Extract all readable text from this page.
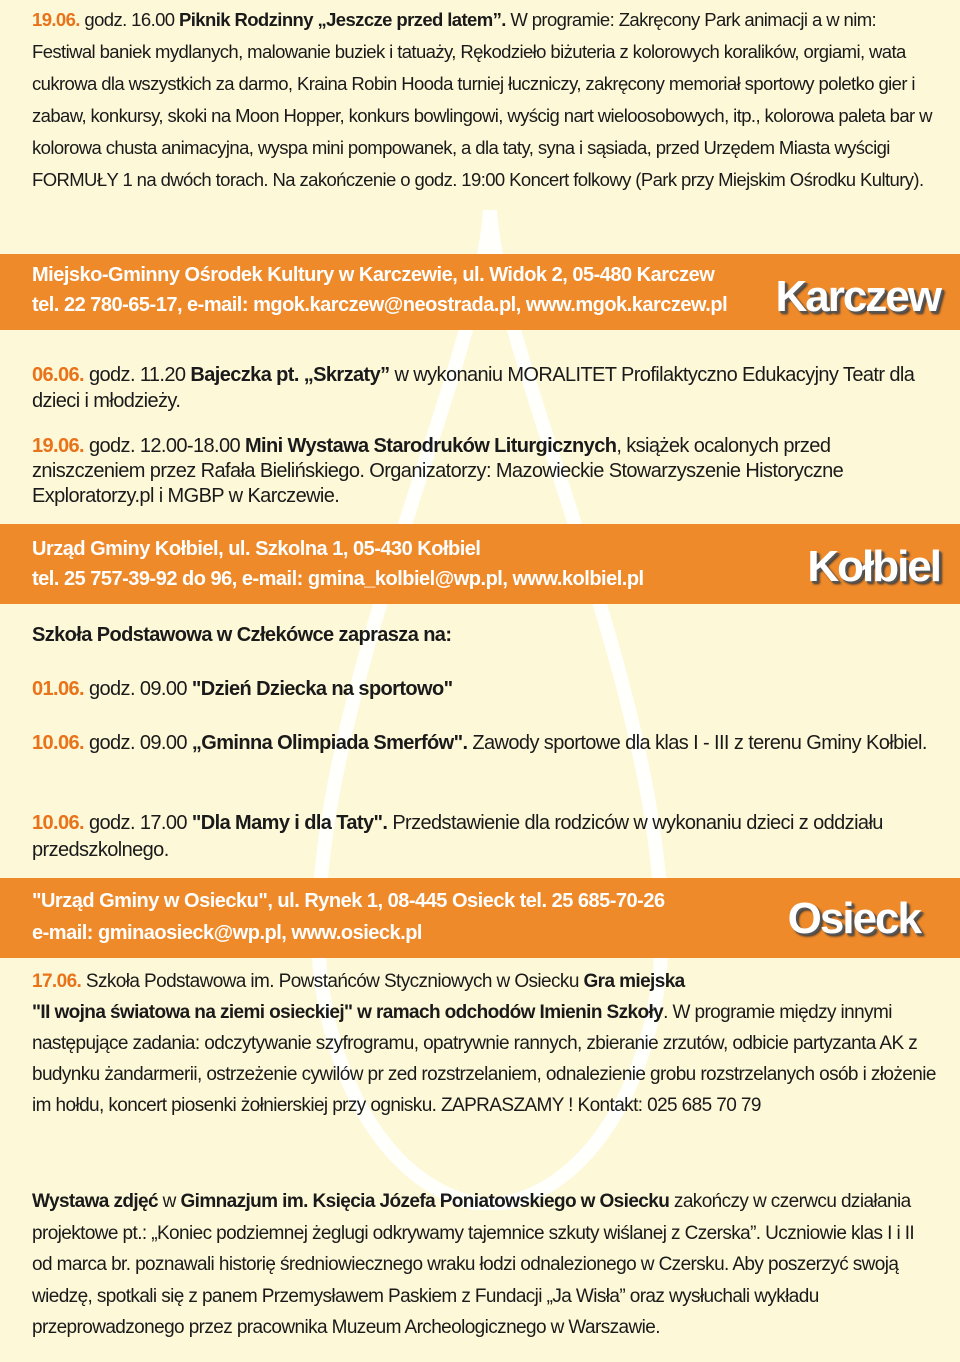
19.06. godz. 16.00 Piknik Rodzinny „Jeszcze przed latem”. W programie: Zakręcony Park animacji a w nim: Festiwal baniek mydlanych, malowanie buziek i tatuaży, Rękodzieło biżuteria z kolorowych koralików, orgiami, wata cukrowa dla wszystkich za darmo, Kraina Robin Hooda turniej łuczniczy, zakręcony memoriał sportowy poletko gier i zabaw, konkursy, skoki na Moon Hopper, konkurs bowlingowi, wyścig nart wieloosobowych, itp., kolorowa paleta bar w kolorowa chusta animacyjna, wyspa mini pompowanek, a dla taty, syna i sąsiada, przed Urzędem Miasta wyścigi FORMUŁY 1 na dwóch torach. Na zakończenie o godz. 19:00 Koncert folkowy (Park przy Miejskim Ośrodku Kultury).
Miejsko-Gminny Ośrodek Kultury w Karczewie, ul. Widok 2, 05-480 Karczew
tel. 22 780-65-17, e-mail: mgok.karczew@neostrada.pl, www.mgok.karczew.pl Karczew
06.06. godz. 11.20 Bajeczka pt. „Skrzaty” w wykonaniu MORALITET Profilaktyczno Edukacyjny Teatr dla dzieci i młodzieży.
19.06. godz. 12.00-18.00 Mini Wystawa Starodruków Liturgicznych, książek ocalonych przed zniszczeniem przez Rafała Bielińskiego. Organizatorzy: Mazowieckie Stowarzyszenie Historyczne Exploratorzy.pl i MGBP w Karczewie.
Urząd Gminy Kołbiel, ul. Szkolna 1, 05-430 Kołbiel
tel. 25 757-39-92 do 96, e-mail: gmina_kolbiel@wp.pl, www.kolbiel.pl	Kołbiel
Szkoła Podstawowa w Człekówce zaprasza na:
01.06. godz. 09.00 "Dzień Dziecka na sportowo"
10.06. godz. 09.00 „Gminna Olimpiada Smerfów". Zawody sportowe dla klas I - III z terenu Gminy Kołbiel.
10.06. godz. 17.00 "Dla Mamy i dla Taty". Przedstawienie dla rodziców w wykonaniu dzieci z oddziału przedszkolnego.
"Urząd Gminy w Osiecku", ul. Rynek 1, 08-445 Osieck tel. 25 685-70-26
e-mail: gminaosieck@wp.pl, www.osieck.pl	Osieck
17.06. Szkoła Podstawowa im. Powstańców Styczniowych w Osiecku Gra miejska
"II wojna światowa na ziemi osieckiej" w ramach odchodów Imienin Szkoły. W programie między innymi następujące zadania: odczytywanie szyfrogramu, opatrywnie rannych, zbieranie zrzutów, odbicie partyzanta AK z budynku żandarmerii, ostrzeżenie cywilów pr zed rozstrzelaniem, odnalezienie grobu rozstrzelanych osób i złożenie im hołdu, koncert piosenki żołnierskiej przy ognisku. ZAPRASZAMY ! Kontakt: 025 685 70 79
Wystawa zdjęć w Gimnazjum im. Księcia Józefa Poniatowskiego w Osiecku zakończy w czerwcu działania projektowe pt.: „Koniec podziemnej żeglugi odkrywamy tajemnice szkuty wiślanej z Czerska”. Uczniowie klas I i II od marca br. poznawali historię średniowiecznego wraku łodzi odnalezionego w Czersku. Aby poszerzyć swoją wiedzę, spotkali się z panem Przemysławem Paskiem z Fundacji „Ja Wisła” oraz wysłuchali wykładu przeprowadzonego przez pracownika Muzeum Archeologicznego w Warszawie.
